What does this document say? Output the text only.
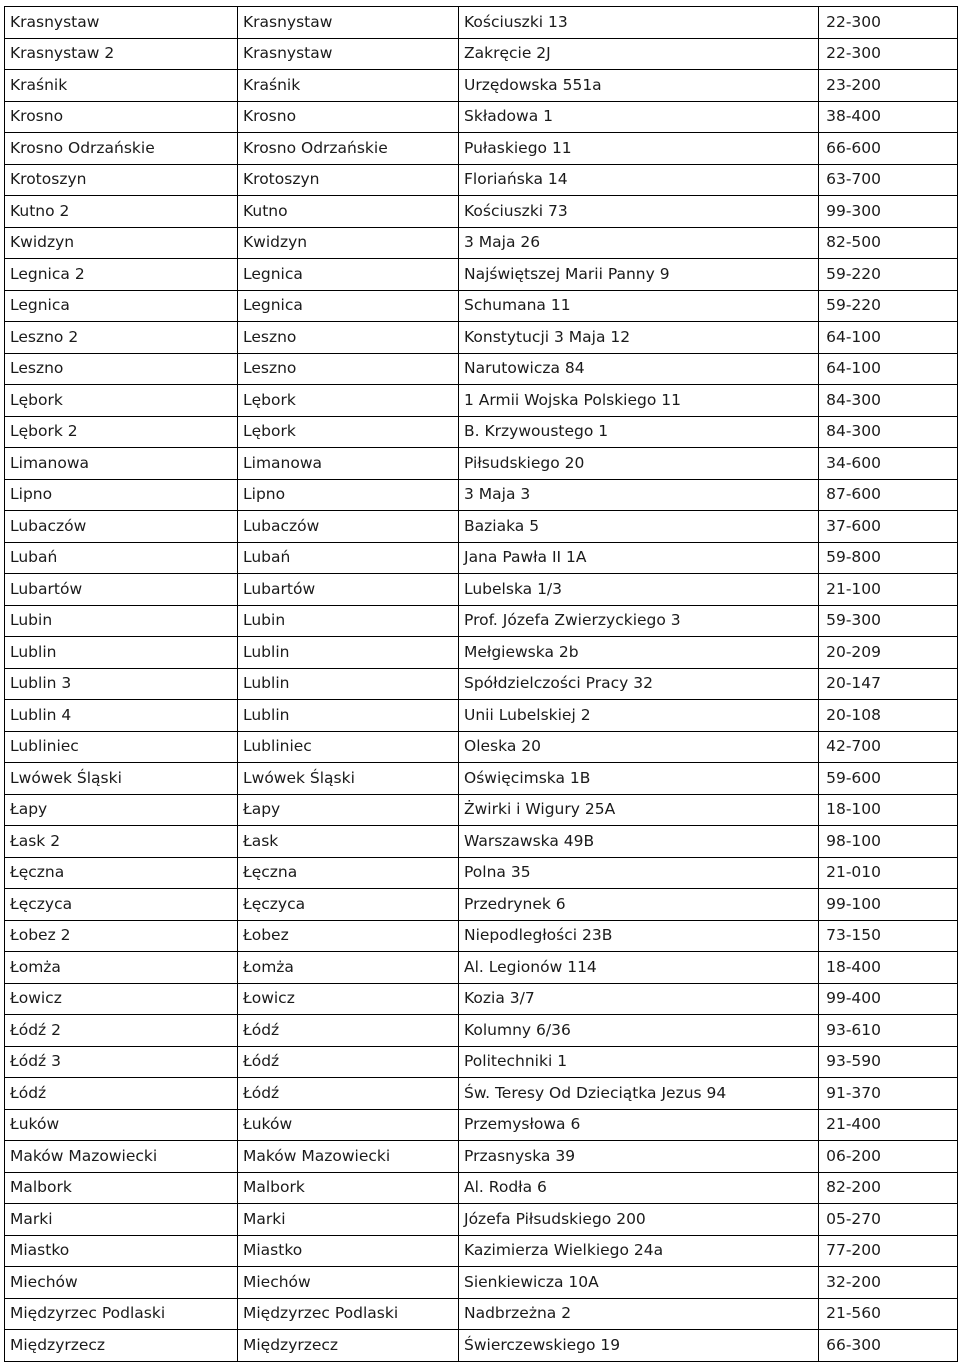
Krasnystaw	Krasnystaw	Kościuszki 13	22-300
Krasnystaw 2	Krasnystaw	Zakręcie 2J	22-300
Kraśnik	Kraśnik	Urzędowska 551a	23-200
Krosno	Krosno	Składowa 1	38-400
Krosno Odrzańskie	Krosno Odrzańskie	Pułaskiego 11	66-600
Krotoszyn	Krotoszyn	Floriańska 14	63-700
Kutno 2	Kutno	Kościuszki 73	99-300
Kwidzyn	Kwidzyn	3 Maja 26	82-500
Legnica 2	Legnica	Najświętszej Marii Panny 9	59-220
Legnica	Legnica	Schumana 11	59-220
Leszno 2	Leszno	Konstytucji 3 Maja 12	64-100
Leszno	Leszno	Narutowicza 84	64-100
Lębork	Lębork	1 Armii Wojska Polskiego 11	84-300
Lębork 2	Lębork	B. Krzywoustego 1	84-300
Limanowa	Limanowa	Piłsudskiego 20	34-600
Lipno	Lipno	3 Maja 3	87-600
Lubaczów	Lubaczów	Baziaka 5	37-600
Lubań	Lubań	Jana Pawła II 1A	59-800
Lubartów	Lubartów	Lubelska 1/3	21-100
Lubin	Lubin	Prof. Józefa Zwierzyckiego 3	59-300
Lublin	Lublin	Mełgiewska 2b	20-209
Lublin 3	Lublin	Spółdzielczości Pracy 32	20-147
Lublin 4	Lublin	Unii Lubelskiej 2	20-108
Lubliniec	Lubliniec	Oleska 20	42-700
Lwówek Śląski	Lwówek Śląski	Oświęcimska 1B	59-600
Łapy	Łapy	Żwirki i Wigury 25A	18-100
Łask 2	Łask	Warszawska 49B	98-100
Łęczna	Łęczna	Polna 35	21-010
Łęczyca	Łęczyca	Przedrynek 6	99-100
Łobez 2	Łobez	Niepodległości 23B	73-150
Łomża	Łomża	Al. Legionów 114	18-400
Łowicz	Łowicz	Kozia 3/7	99-400
Łódź 2	Łódź	Kolumny 6/36	93-610
Łódź 3	Łódź	Politechniki 1	93-590
Łódź	Łódź	Św. Teresy Od Dzieciątka Jezus 94	91-370
Łuków	Łuków	Przemysłowa 6	21-400
Maków Mazowiecki	Maków Mazowiecki	Przasnyska 39	06-200
Malbork	Malbork	Al. Rodła 6	82-200
Marki	Marki	Józefa Piłsudskiego 200	05-270
Miastko	Miastko	Kazimierza Wielkiego 24a	77-200
Miechów	Miechów	Sienkiewicza 10A	32-200
Międzyrzec Podlaski	Międzyrzec Podlaski	Nadbrzeżna 2	21-560
Międzyrzecz	Międzyrzecz	Świerczewskiego 19	66-300
